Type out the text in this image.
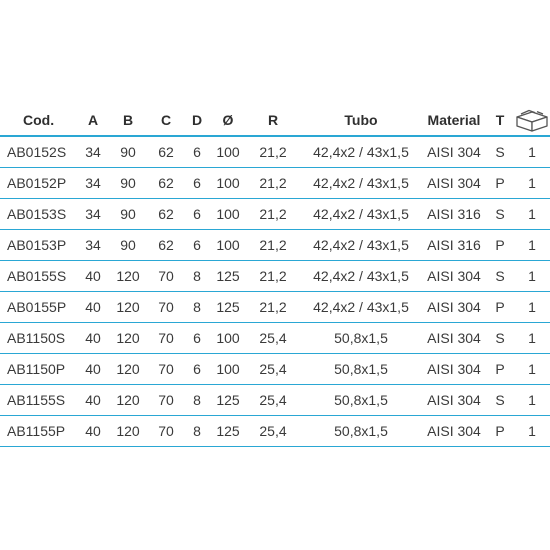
Cod.	A	B	C	D	Ø	R	Tubo	Material	T	

AB0152S	34	90	62	6	100	21,2	42,4x2 / 43x1,5	AISI 304	S	1
AB0152P	34	90	62	6	100	21,2	42,4x2 / 43x1,5	AISI 304	P	1
AB0153S	34	90	62	6	100	21,2	42,4x2 / 43x1,5	AISI 316	S	1
AB0153P	34	90	62	6	100	21,2	42,4x2 / 43x1,5	AISI 316	P	1
AB0155S	40	120	70	8	125	21,2	42,4x2 / 43x1,5	AISI 304	S	1
AB0155P	40	120	70	8	125	21,2	42,4x2 / 43x1,5	AISI 304	P	1
AB1150S	40	120	70	6	100	25,4	50,8x1,5	AISI 304	S	1
AB1150P	40	120	70	6	100	25,4	50,8x1,5	AISI 304	P	1
AB1155S	40	120	70	8	125	25,4	50,8x1,5	AISI 304	S	1
AB1155P	40	120	70	8	125	25,4	50,8x1,5	AISI 304	P	1
